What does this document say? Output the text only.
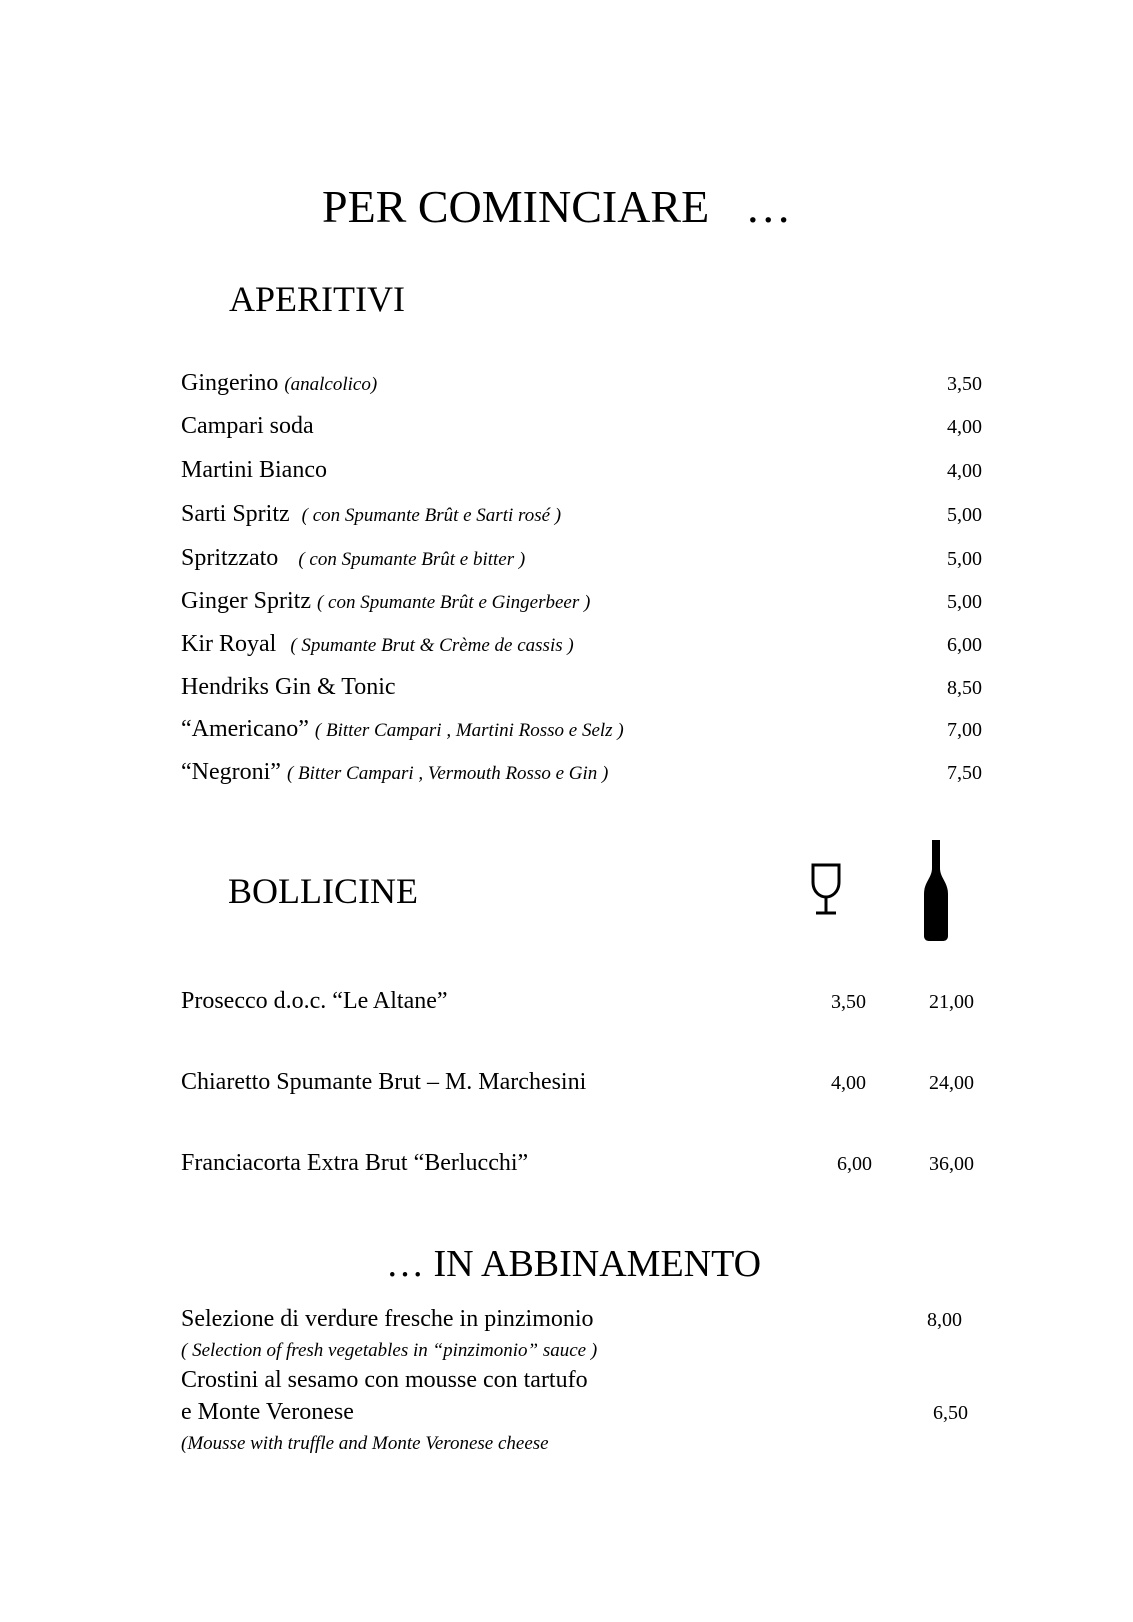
PER COMINCIARE …
APERITIVI
Gingerino (analcolico)	3,50
Campari soda	4,00
Martini Bianco	4,00
Sarti Spritz ( con Spumante Brût e Sarti rosé )	5,00
Spritzzato ( con Spumante Brût e bitter )	5,00
Ginger Spritz ( con Spumante Brût e Gingerbeer )	5,00
Kir Royal ( Spumante Brut & Crème de cassis )	6,00
Hendriks Gin & Tonic	8,50
“Americano” ( Bitter Campari , Martini Rosso e Selz )	7,00
“Negroni” ( Bitter Campari , Vermouth Rosso e Gin )	7,50
BOLLICINE
Prosecco d.o.c. “Le Altane”	3,50	21,00
Chiaretto Spumante Brut – M. Marchesini	4,00	24,00
Franciacorta Extra Brut “Berlucchi”	6,00	36,00
… IN ABBINAMENTO
Selezione di verdure fresche in pinzimonio	8,00
( Selection of fresh vegetables in “pinzimonio” sauce )
Crostini al sesamo con mousse con tartufo
e Monte Veronese	6,50
(Mousse with truffle and Monte Veronese cheese
